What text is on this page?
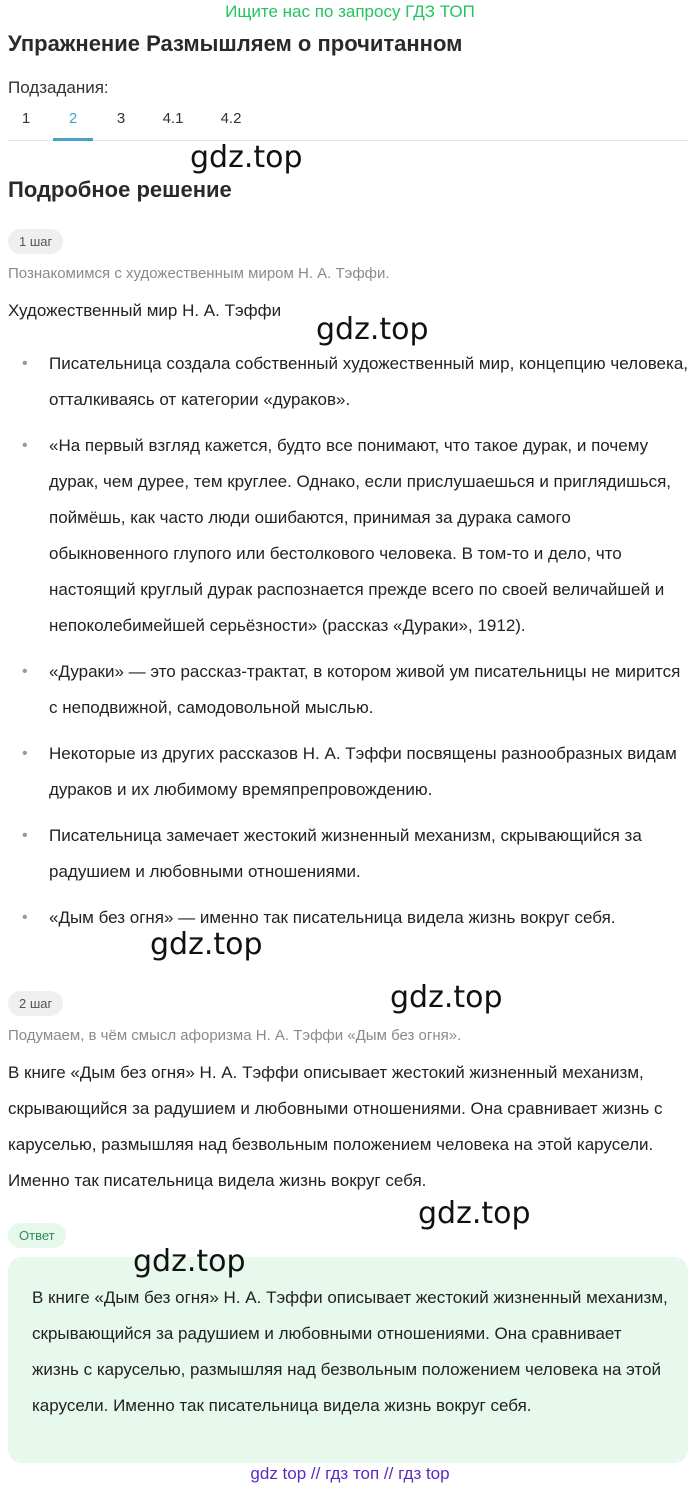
Ищите нас по запросу ГДЗ ТОП
Упражнение Размышляем о прочитанном
Подзадания:
1	2	3 4.1 4.2
Подробное решение
1 шаг
Познакомимся с художественным миром Н. А. Тэффи.
Художественный мир Н. А. Тэффи
• Писательница создала собственный художественный мир, концепцию человека, отталкиваясь от категории «дураков».
• «На первый взгляд кажется, будто все понимают, что такое дурак, и почему дурак, чем дурее, тем круглее. Однако, если прислушаешься и приглядишься, поймёшь, как часто люди ошибаются, принимая за дурака самого обыкновенного глупого или бестолкового человека. В том-то и дело, что настоящий круглый дурак распознается прежде всего по своей величайшей и непоколебимейшей серьёзности» (рассказ «Дураки», 1912).
• «Дураки» — это рассказ-трактат, в котором живой ум писательницы не мирится с неподвижной, самодовольной мыслью.
• Некоторые из других рассказов Н. А. Тэффи посвящены разнообразных видам дураков и их любимому времяпрепровождению.
• Писательница замечает жестокий жизненный механизм, скрывающийся за радушием и любовными отношениями.
• «Дым без огня» — именно так писательница видела жизнь вокруг себя.
2 шаг
Подумаем, в чём смысл афоризма Н. А. Тэффи «Дым без огня».
В книге «Дым без огня» Н. А. Тэффи описывает жестокий жизненный механизм, скрывающийся за радушием и любовными отношениями. Она сравнивает жизнь с каруселью, размышляя над безвольным положением человека на этой карусели. Именно так писательница видела жизнь вокруг себя.
Ответ
В книге «Дым без огня» Н. А. Тэффи описывает жестокий жизненный механизм, скрывающийся за радушием и любовными отношениями. Она сравнивает жизнь с каруселью, размышляя над безвольным положением человека на этой карусели. Именно так писательница видела жизнь вокруг себя.
gdz.top
gdz.top
gdz.top
gdz.top
gdz.top
gdz.top
gdz top // гдз топ // гдз top
